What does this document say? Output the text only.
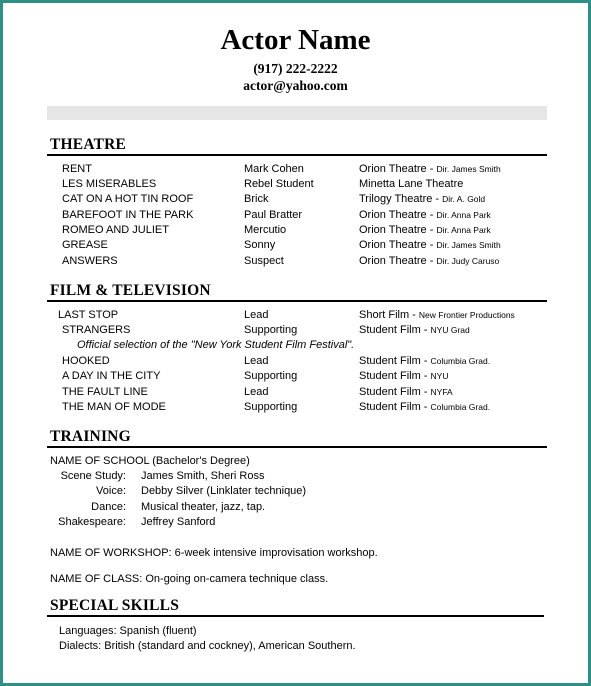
Actor Name
(917) 222-2222
actor@yahoo.com
THEATRE
RENT	Mark Cohen	Orion Theatre - Dir. James Smith
LES MISERABLES	Rebel Student	Minetta Lane Theatre
CAT ON A HOT TIN ROOF	Brick	Trilogy Theatre - Dir. A. Gold
BAREFOOT IN THE PARK	Paul Bratter	Orion Theatre - Dir. Anna Park
ROMEO AND JULIET	Mercutio	Orion Theatre - Dir. Anna Park
GREASE	Sonny	Orion Theatre - Dir. James Smith
ANSWERS	Suspect	Orion Theatre - Dir. Judy Caruso
FILM & TELEVISION
LAST STOP	Lead	Short Film - New Frontier Productions
STRANGERS	Supporting	Student Film - NYU Grad
Official selection of the "New York Student Film Festival".
HOOKED	Lead	Student Film - Columbia Grad.
A DAY IN THE CITY	Supporting	Student Film - NYU
THE FAULT LINE	Lead	Student Film - NYFA
THE MAN OF MODE	Supporting	Student Film - Columbia Grad.
TRAINING
NAME OF SCHOOL (Bachelor's Degree)
Scene Study: James Smith, Sheri Ross
Voice: Debby Silver (Linklater technique)
Dance: Musical theater, jazz, tap.
Shakespeare: Jeffrey Sanford
NAME OF WORKSHOP: 6-week intensive improvisation workshop.
NAME OF CLASS: On-going on-camera technique class.
SPECIAL SKILLS
Languages: Spanish (fluent)
Dialects: British (standard and cockney), American Southern.
